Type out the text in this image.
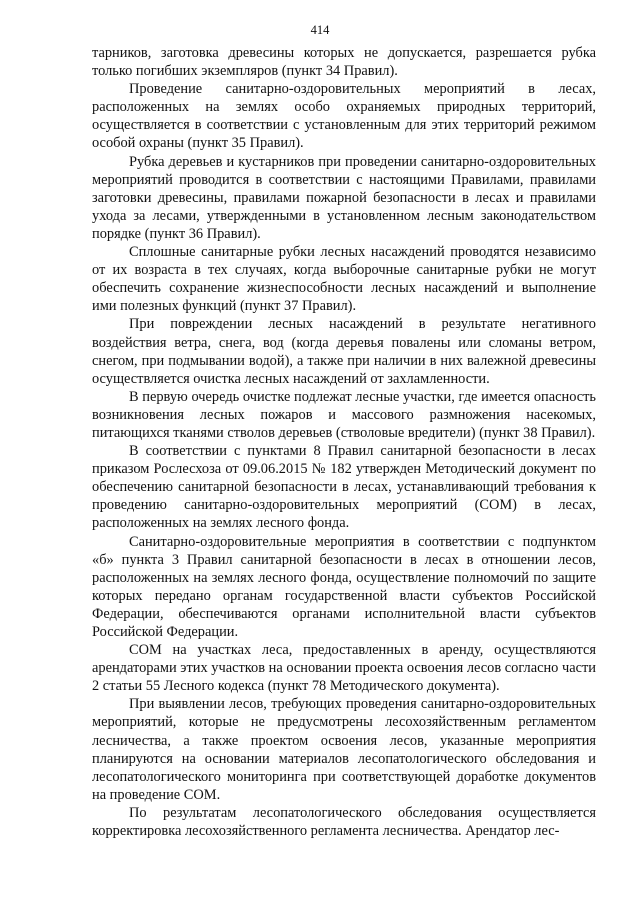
414

тарников, заготовка древесины которых не допускается, разрешается рубка только погибших экземпляров (пункт 34 Правил).

Проведение санитарно-оздоровительных мероприятий в лесах, расположенных на землях особо охраняемых природных территорий, осуществляется в соответствии с установленным для этих территорий режимом особой охраны (пункт 35 Правил).

Рубка деревьев и кустарников при проведении санитарно-оздоровительных мероприятий проводится в соответствии с настоящими Правилами, правилами заготовки древесины, правилами пожарной безопасности в лесах и правилами ухода за лесами, утвержденными в установленном лесным законодательством порядке (пункт 36 Правил).

Сплошные санитарные рубки лесных насаждений проводятся независимо от их возраста в тех случаях, когда выборочные санитарные рубки не могут обеспечить сохранение жизнеспособности лесных насаждений и выполнение ими полезных функций (пункт 37 Правил).

При повреждении лесных насаждений в результате негативного воздействия ветра, снега, вод (когда деревья повалены или сломаны ветром, снегом, при подмывании водой), а также при наличии в них валежной древесины осуществляется очистка лесных насаждений от захламленности.

В первую очередь очистке подлежат лесные участки, где имеется опасность возникновения лесных пожаров и массового размножения насекомых, питающихся тканями стволов деревьев (стволовые вредители) (пункт 38 Правил).

В соответствии с пунктами 8 Правил санитарной безопасности в лесах приказом Рослесхоза от 09.06.2015 № 182 утвержден Методический документ по обеспечению санитарной безопасности в лесах, устанавливающий требования к проведению санитарно-оздоровительных мероприятий (СОМ) в лесах, расположенных на землях лесного фонда.

Санитарно-оздоровительные мероприятия в соответствии с подпунктом «б» пункта 3 Правил санитарной безопасности в лесах в отношении лесов, расположенных на землях лесного фонда, осуществление полномочий по защите которых передано органам государственной власти субъектов Российской Федерации, обеспечиваются органами исполнительной власти субъектов Российской Федерации.

СОМ на участках леса, предоставленных в аренду, осуществляются арендаторами этих участков на основании проекта освоения лесов согласно части 2 статьи 55 Лесного кодекса (пункт 78 Методического документа).

При выявлении лесов, требующих проведения санитарно-оздоровительных мероприятий, которые не предусмотрены лесохозяйственным регламентом лесничества, а также проектом освоения лесов, указанные мероприятия планируются на основании материалов лесопатологического обследования и лесопатологического мониторинга при соответствующей доработке документов на проведение СОМ.

По результатам лесопатологического обследования осуществляется корректировка лесохозяйственного регламента лесничества. Арендатор лес-
